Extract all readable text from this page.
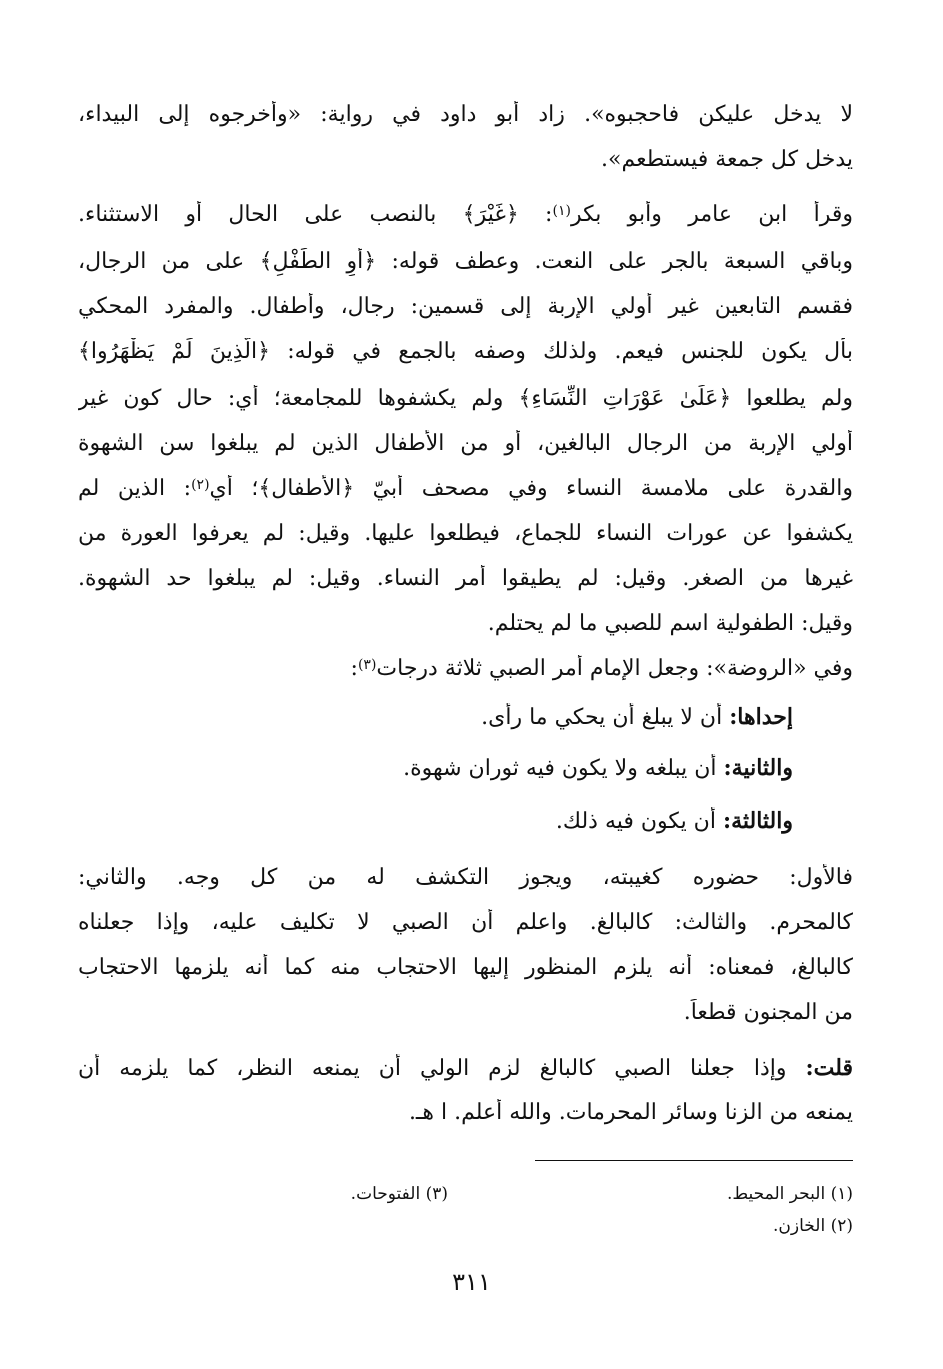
لا يدخل عليكن فاحجبوه». زاد أبو داود في رواية: «وأخرجوه إلى البيداء،
يدخل كل جمعة فيستطعم».
وقرأ ابن عامر وأبو بكر$^{(١)}$: ﴿غَيْرَ﴾ بالنصب على الحال أو الاستثناء.
وباقي السبعة بالجر على النعت. وعطف قوله: ﴿أَوِ الطِّفْلِ﴾ على من الرجال،
فقسم التابعين غير أولي الإربة إلى قسمين: رجال، وأطفال. والمفرد المحكي
بأل يكون للجنس فيعم. ولذلك وصفه بالجمع في قوله: ﴿الَّذِينَ لَمْ يَظْهَرُوا﴾
ولم يطلعوا ﴿عَلَىٰ عَوْرَاتِ النِّسَاءِ﴾ ولم يكشفوها للمجامعة؛ أي: حال كون غير
أولي الإربة من الرجال البالغين، أو من الأطفال الذين لم يبلغوا سن الشهوة
والقدرة على ملامسة النساء وفي مصحف أبيّ ﴿الأطفال﴾؛ أي$^{(٢)}$: الذين لم
يكشفوا عن عورات النساء للجماع، فيطلعوا عليها. وقيل: لم يعرفوا العورة من
غيرها من الصغر. وقيل: لم يطيقوا أمر النساء. وقيل: لم يبلغوا حد الشهوة.
وقيل: الطفولية اسم للصبي ما لم يحتلم.
وفي «الروضة»: وجعل الإمام أمر الصبي ثلاثة درجات$^{(٣)}$:
إحداها: أن لا يبلغ أن يحكي ما رأى.
والثانية: أن يبلغه ولا يكون فيه ثوران شهوة.
والثالثة: أن يكون فيه ذلك.
فالأول: حضوره كغيبته، ويجوز التكشف له من كل وجه. والثاني:
كالمحرم. والثالث: كالبالغ. واعلم أن الصبي لا تكليف عليه، وإذا جعلناه
كالبالغ، فمعناه: أنه يلزم المنظور إليها الاحتجاب منه كما أنه يلزمها الاحتجاب
من المجنون قطعاً.
قلت: وإذا جعلنا الصبي كالبالغ لزم الولي أن يمنعه النظر، كما يلزمه أن
يمنعه من الزنا وسائر المحرمات. والله أعلم. ا هـ.
(١) البحر المحيط.
(٣) الفتوحات.
(٢) الخازن.
٣١١
